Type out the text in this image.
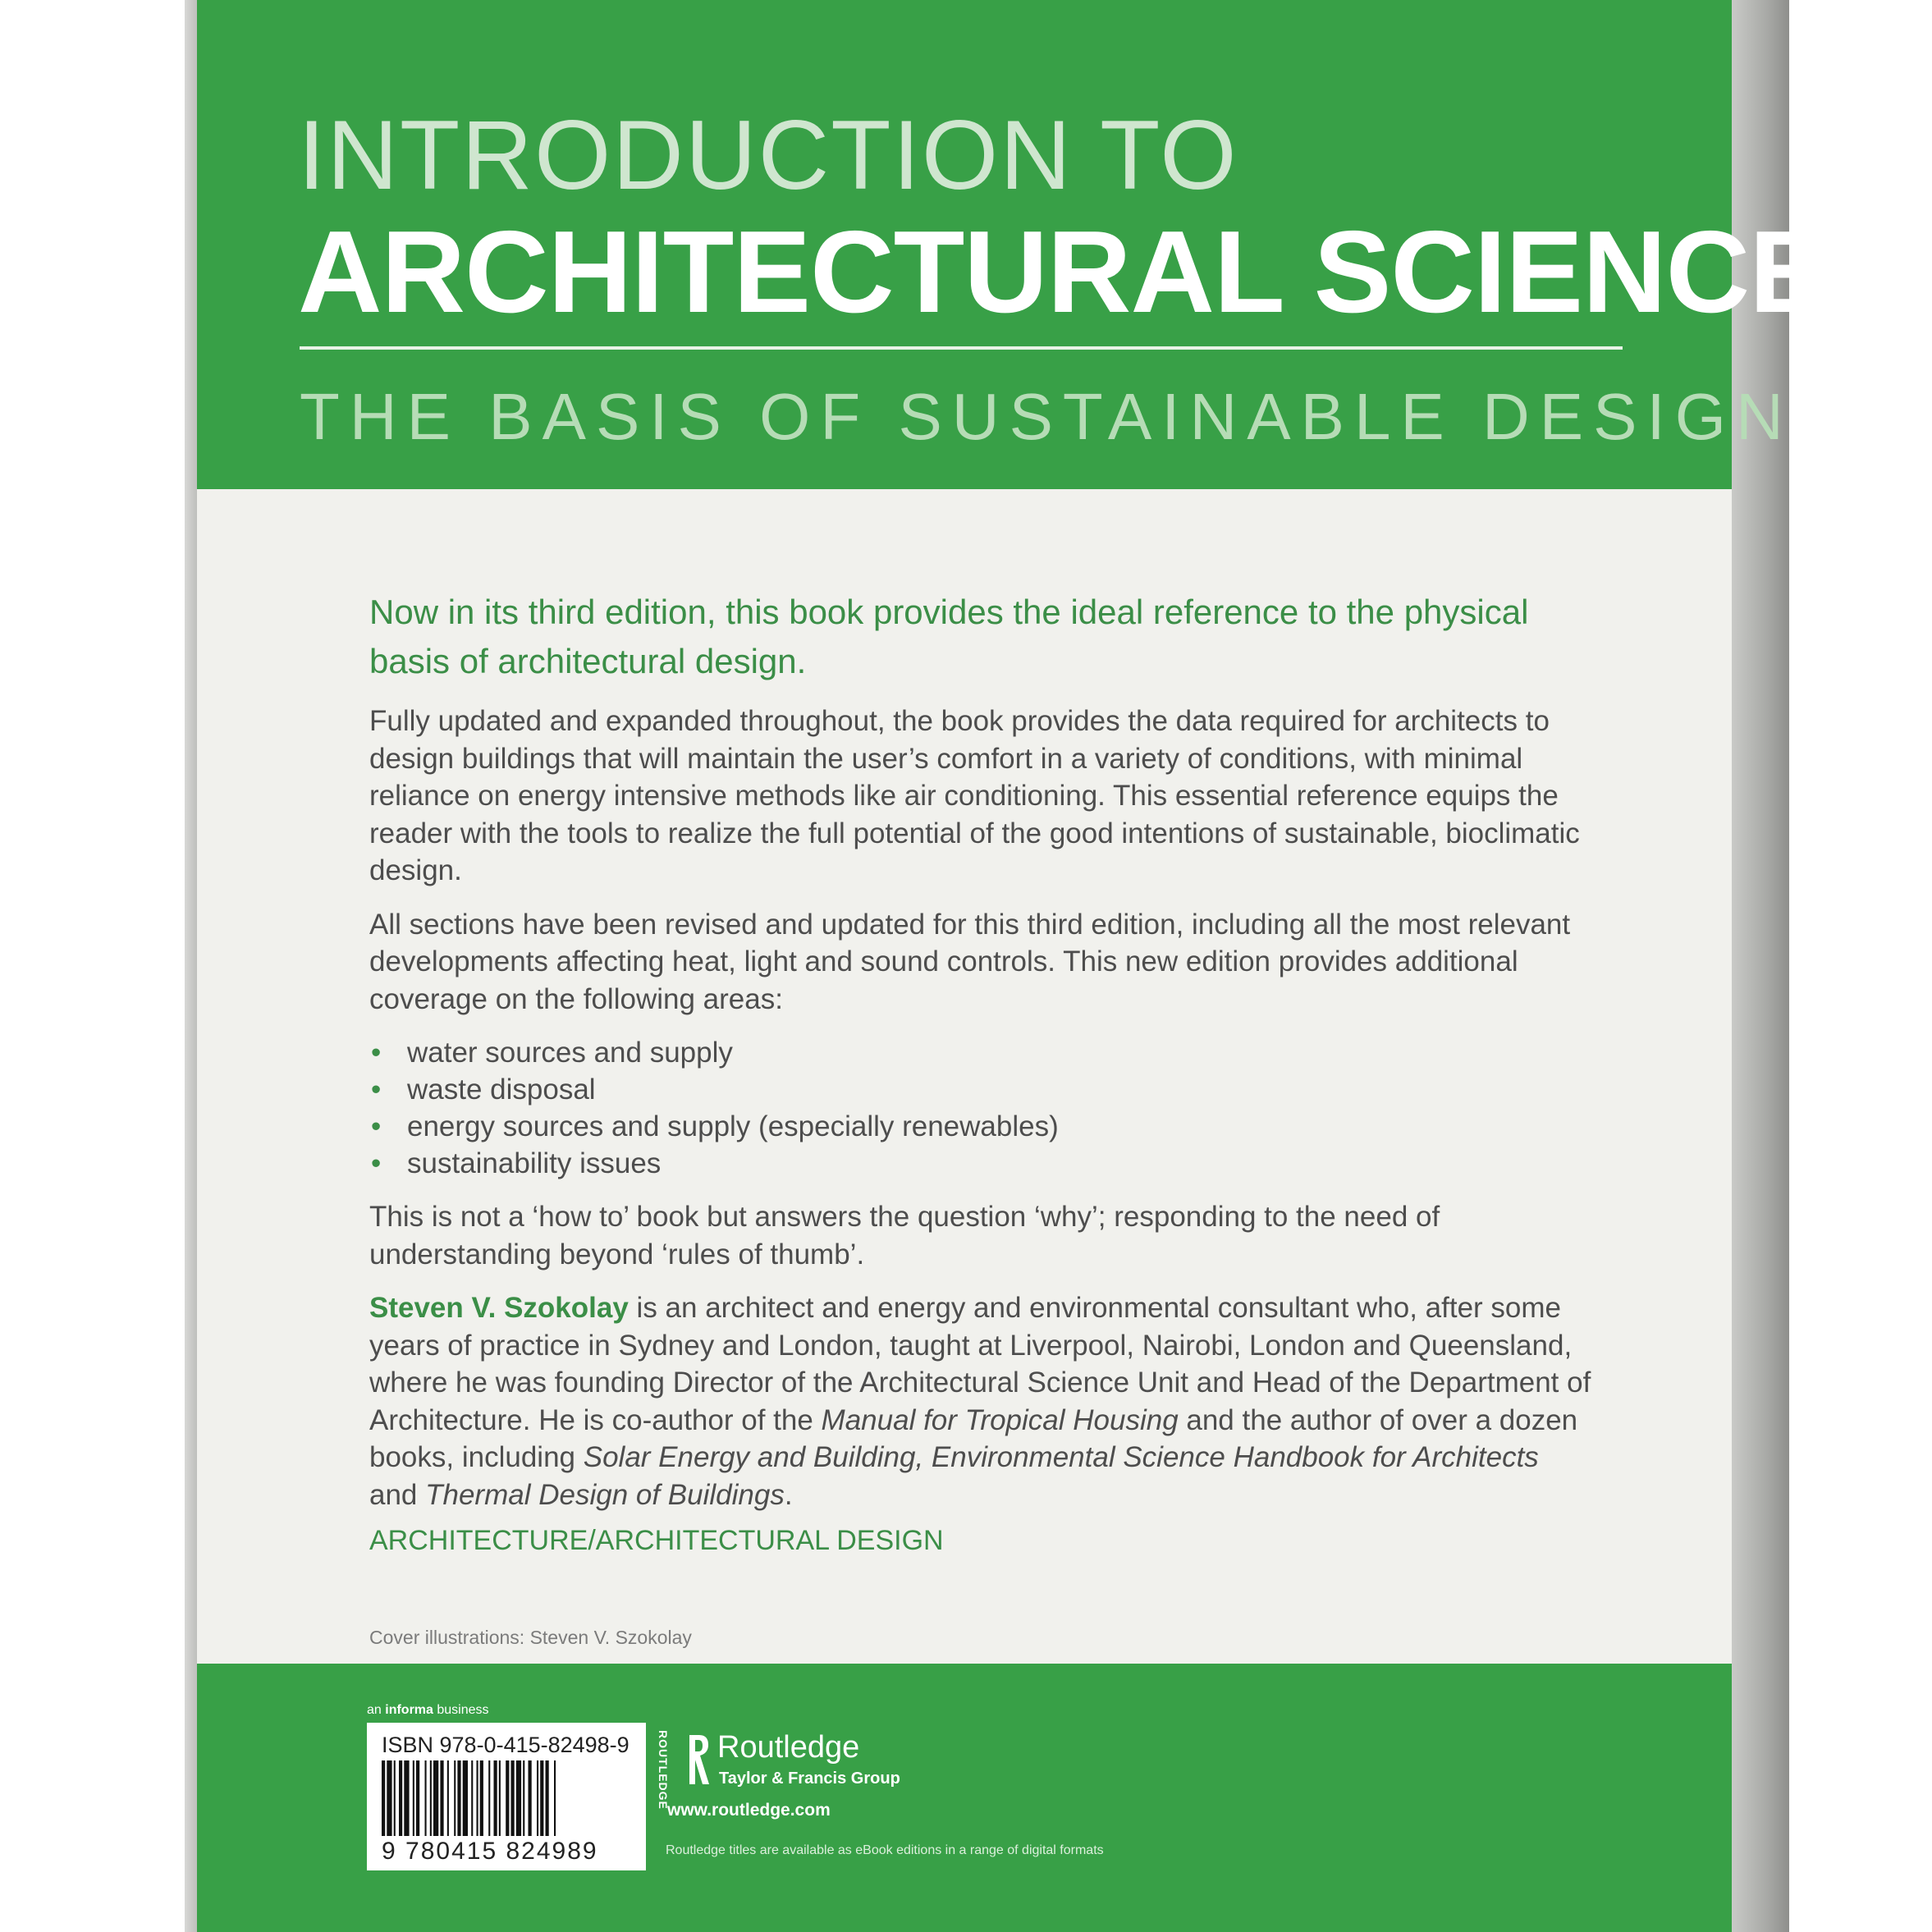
INTRODUCTION TO
ARCHITECTURAL SCIENCE
THE BASIS OF SUSTAINABLE DESIGN

Now in its third edition, this book provides the ideal reference to the physical basis of architectural design.

Fully updated and expanded throughout, the book provides the data required for architects to design buildings that will maintain the user’s comfort in a variety of conditions, with minimal reliance on energy intensive methods like air conditioning. This essential reference equips the reader with the tools to realize the full potential of the good intentions of sustainable, bioclimatic design.

All sections have been revised and updated for this third edition, including all the most relevant developments affecting heat, light and sound controls. This new edition provides additional coverage on the following areas:

• water sources and supply
• waste disposal
• energy sources and supply (especially renewables)
• sustainability issues

This is not a ‘how to’ book but answers the question ‘why’; responding to the need of understanding beyond ‘rules of thumb’.

Steven V. Szokolay is an architect and energy and environmental consultant who, after some years of practice in Sydney and London, taught at Liverpool, Nairobi, London and Queensland, where he was founding Director of the Architectural Science Unit and Head of the Department of Architecture. He is co-author of the Manual for Tropical Housing and the author of over a dozen books, including Solar Energy and Building, Environmental Science Handbook for Architects and Thermal Design of Buildings.

ARCHITECTURE/ARCHITECTURAL DESIGN

Cover illustrations: Steven V. Szokolay

an informa business

ISBN 978-0-415-82498-9

9 780415 824989

ROUTLEDGE Routledge

Taylor & Francis Group

www.routledge.com

Routledge titles are available as eBook editions in a range of digital formats
